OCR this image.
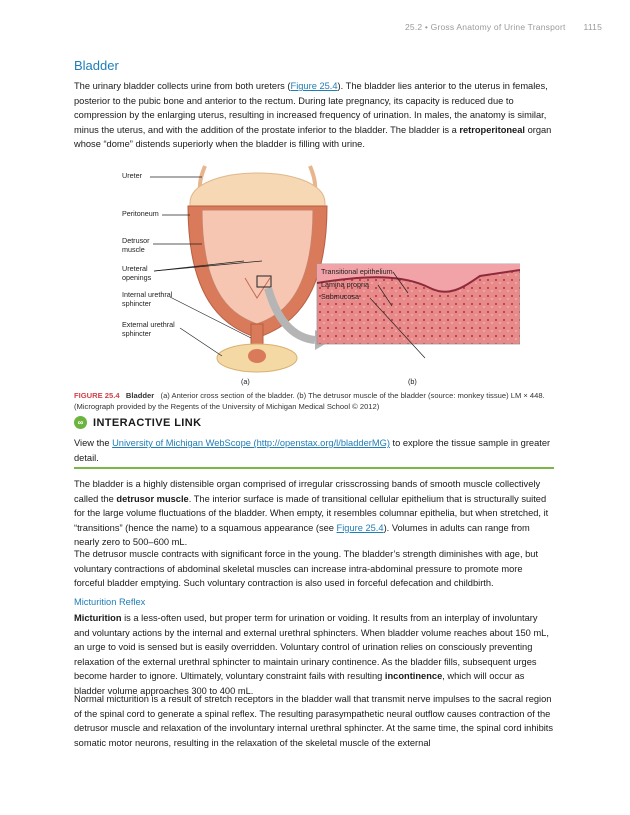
25.2 • Gross Anatomy of Urine Transport 1115
Bladder

The urinary bladder collects urine from both ureters (Figure 25.4). The bladder lies anterior to the uterus in females, posterior to the pubic bone and anterior to the rectum. During late pregnancy, its capacity is reduced due to compression by the enlarging uterus, resulting in increased frequency of urination. In males, the anatomy is similar, minus the uterus, and with the addition of the prostate inferior to the bladder. The bladder is a retroperitoneal organ whose “dome” distends superiorly when the bladder is filling with urine.

Ureter
Peritoneum
Detrusor muscle
Ureteral openings
Internal urethral sphincter
External urethral sphincter
Transitional epithelium
Lamina propria
Submucosa
(a)	(b)

FIGURE 25.4 Bladder (a) Anterior cross section of the bladder. (b) The detrusor muscle of the bladder (source: monkey tissue) LM × 448. (Micrograph provided by the Regents of the University of Michigan Medical School © 2012)

∞ INTERACTIVE LINK

View the University of Michigan WebScope (http://openstax.org/l/bladderMG) to explore the tissue sample in greater detail.

The bladder is a highly distensible organ comprised of irregular crisscrossing bands of smooth muscle collectively called the detrusor muscle. The interior surface is made of transitional cellular epithelium that is structurally suited for the large volume fluctuations of the bladder. When empty, it resembles columnar epithelia, but when stretched, it “transitions” (hence the name) to a squamous appearance (see Figure 25.4). Volumes in adults can range from nearly zero to 500–600 mL.

The detrusor muscle contracts with significant force in the young. The bladder’s strength diminishes with age, but voluntary contractions of abdominal skeletal muscles can increase intra-abdominal pressure to promote more forceful bladder emptying. Such voluntary contraction is also used in forceful defecation and childbirth.

Micturition Reflex

Micturition is a less-often used, but proper term for urination or voiding. It results from an interplay of involuntary and voluntary actions by the internal and external urethral sphincters. When bladder volume reaches about 150 mL, an urge to void is sensed but is easily overridden. Voluntary control of urination relies on consciously preventing relaxation of the external urethral sphincter to maintain urinary continence. As the bladder fills, subsequent urges become harder to ignore. Ultimately, voluntary constraint fails with resulting incontinence, which will occur as bladder volume approaches 300 to 400 mL.

Normal micturition is a result of stretch receptors in the bladder wall that transmit nerve impulses to the sacral region of the spinal cord to generate a spinal reflex. The resulting parasympathetic neural outflow causes contraction of the detrusor muscle and relaxation of the involuntary internal urethral sphincter. At the same time, the spinal cord inhibits somatic motor neurons, resulting in the relaxation of the skeletal muscle of the external
